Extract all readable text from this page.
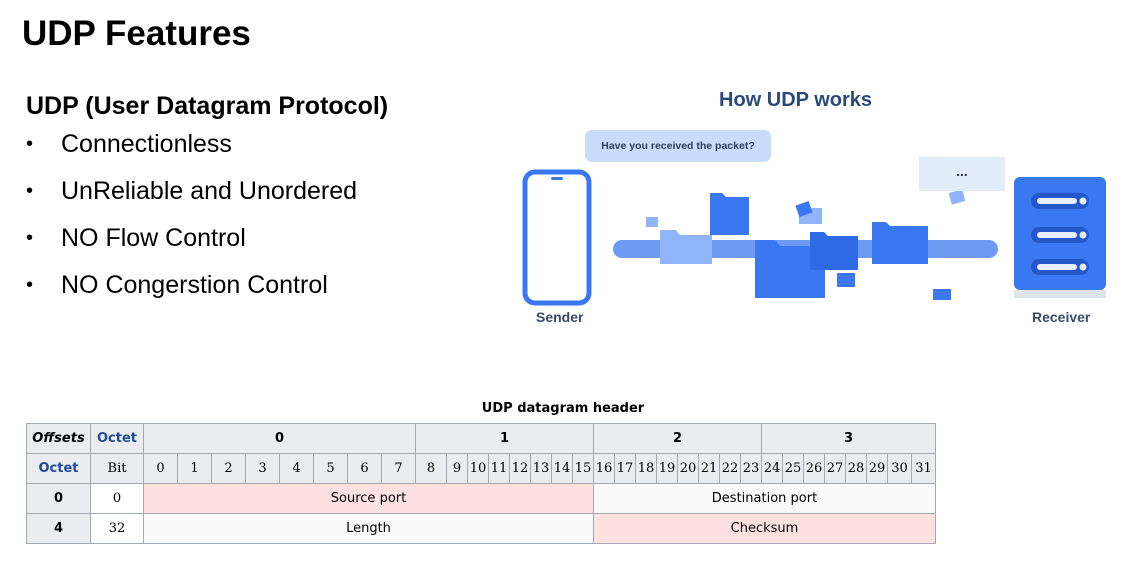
UDP Features
UDP (User Datagram Protocol)
• Connectionless
• UnReliable and Unordered
• NO Flow Control
• NO Congerstion Control
How UDP works
Have you received the packet?
...
Sender	Receiver
UDP datagram header
Offsets	Octet	0								1								2								3							
Octet	Bit	0	1	2	3	4	5	6	7	8	9	10	11	12	13	14	15	16	17	18	19	20	21	22	23	24	25	26	27	28	29	30	31
0	0	Source port																Destination port															
4	32	Length																Checksum															
